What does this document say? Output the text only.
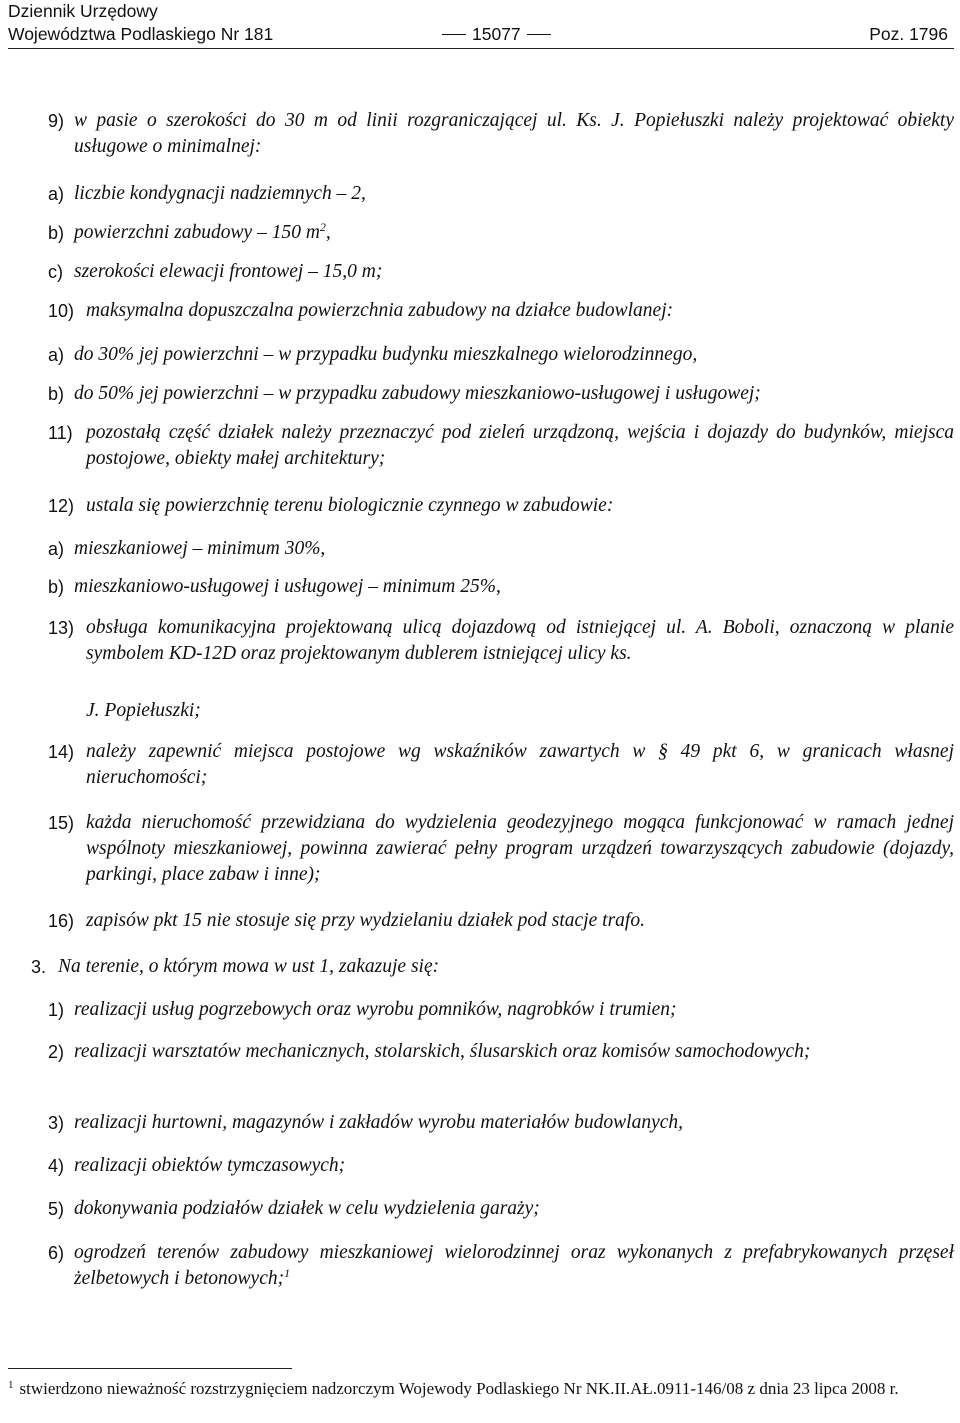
Dziennik Urzędowy
Województwa Podlaskiego Nr 181	15077	Poz. 1796
9) w pasie o szerokości do 30 m od linii rozgraniczającej ul. Ks. J. Popiełuszki należy projektować obiekty usługowe o minimalnej:
a) liczbie kondygnacji nadziemnych – 2,
b) powierzchni zabudowy – 150 $m^2$,
c) szerokości elewacji frontowej – 15,0 m;
10) maksymalna dopuszczalna powierzchnia zabudowy na działce budowlanej:
a) do 30% jej powierzchni – w przypadku budynku mieszkalnego wielorodzinnego,
b) do 50% jej powierzchni – w przypadku zabudowy mieszkaniowo-usługowej i usługowej;
11) pozostałą część działek należy przeznaczyć pod zieleń urządzoną, wejścia i dojazdy do budynków, miejsca postojowe, obiekty małej architektury;
12) ustala się powierzchnię terenu biologicznie czynnego w zabudowie:
a) mieszkaniowej – minimum 30%,
b) mieszkaniowo-usługowej i usługowej – minimum 25%,
13) obsługa komunikacyjna projektowaną ulicą dojazdową od istniejącej ul. A. Boboli, oznaczoną w planie symbolem KD-12D oraz projektowanym dublerem istniejącej ulicy ks.
J. Popiełuszki;
14) należy zapewnić miejsca postojowe wg wskaźników zawartych w § 49 pkt 6, w granicach własnej nieruchomości;
15) każda nieruchomość przewidziana do wydzielenia geodezyjnego mogąca funkcjonować w ramach jednej wspólnoty mieszkaniowej, powinna zawierać pełny program urządzeń towarzyszących zabudowie (dojazdy, parkingi, place zabaw i inne);
16) zapisów pkt 15 nie stosuje się przy wydzielaniu działek pod stacje trafo.
3. Na terenie, o którym mowa w ust 1, zakazuje się:
1) realizacji usług pogrzebowych oraz wyrobu pomników, nagrobków i trumien;
2) realizacji warsztatów mechanicznych, stolarskich, ślusarskich oraz komisów samochodowych;
3) realizacji hurtowni, magazynów i zakładów wyrobu materiałów budowlanych,
4) realizacji obiektów tymczasowych;
5) dokonywania podziałów działek w celu wydzielenia garaży;
6) ogrodzeń terenów zabudowy mieszkaniowej wielorodzinnej oraz wykonanych z prefabrykowanych przęseł żelbetowych i betonowych;$^1$
$^1$ stwierdzono nieważność rozstrzygnięciem nadzorczym Wojewody Podlaskiego Nr NK.II.AŁ.0911-146/08 z dnia 23 lipca 2008 r.
